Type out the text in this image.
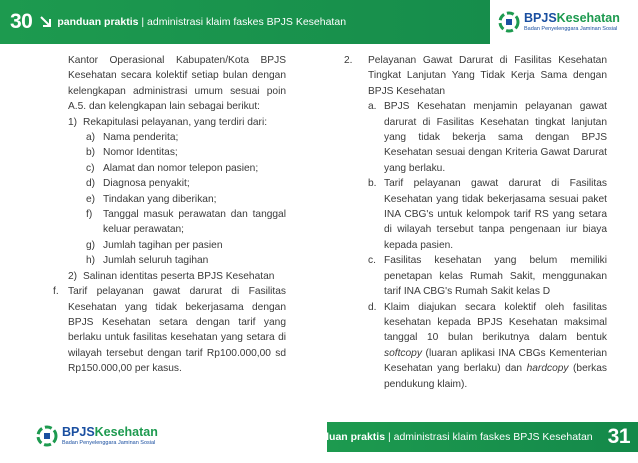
30 panduan praktis | administrasi klaim faskes BPJS Kesehatan	BPJSKesehatan
Badan Penyelenggara Jaminan Sosial
Kantor Operasional Kabupaten/Kota BPJS Kesehatan secara kolektif setiap bulan dengan kelengkapan administrasi umum sesuai poin A.5. dan kelengkapan lain sebagai berikut:
1) Rekapitulasi pelayanan, yang terdiri dari:
a) Nama penderita;
b) Nomor Identitas;
c) Alamat dan nomor telepon pasien;
d) Diagnosa penyakit;
e) Tindakan yang diberikan;
f) Tanggal masuk perawatan dan tanggal keluar perawatan;
g) Jumlah tagihan per pasien
h) Jumlah seluruh tagihan
2) Salinan identitas peserta BPJS Kesehatan
f. Tarif pelayanan gawat darurat di Fasilitas Kesehatan yang tidak bekerjasama dengan BPJS Kesehatan setara dengan tarif yang berlaku untuk fasilitas kesehatan yang setara di wilayah tersebut dengan tarif Rp100.000,00 sd Rp150.000,00 per kasus.
2. Pelayanan Gawat Darurat di Fasilitas Kesehatan Tingkat Lanjutan Yang Tidak Kerja Sama dengan BPJS Kesehatan
a. BPJS Kesehatan menjamin pelayanan gawat darurat di Fasilitas Kesehatan tingkat lanjutan yang tidak bekerja sama dengan BPJS Kesehatan sesuai dengan Kriteria Gawat Darurat yang berlaku.
b. Tarif pelayanan gawat darurat di Fasilitas Kesehatan yang tidak bekerjasama sesuai paket INA CBG's untuk kelompok tarif RS yang setara di wilayah tersebut tanpa pengenaan iur biaya kepada pasien.
c. Fasilitas kesehatan yang belum memiliki penetapan kelas Rumah Sakit, menggunakan tarif INA CBG's Rumah Sakit kelas D
d. Klaim diajukan secara kolektif oleh fasilitas kesehatan kepada BPJS Kesehatan maksimal tanggal 10 bulan berikutnya dalam bentuk softcopy (luaran aplikasi INA CBGs Kementerian Kesehatan yang berlaku) dan hardcopy (berkas pendukung klaim).
BPJSKesehatan
Badan Penyelenggara Jaminan Sosial	panduan praktis | administrasi klaim faskes BPJS Kesehatan 31
